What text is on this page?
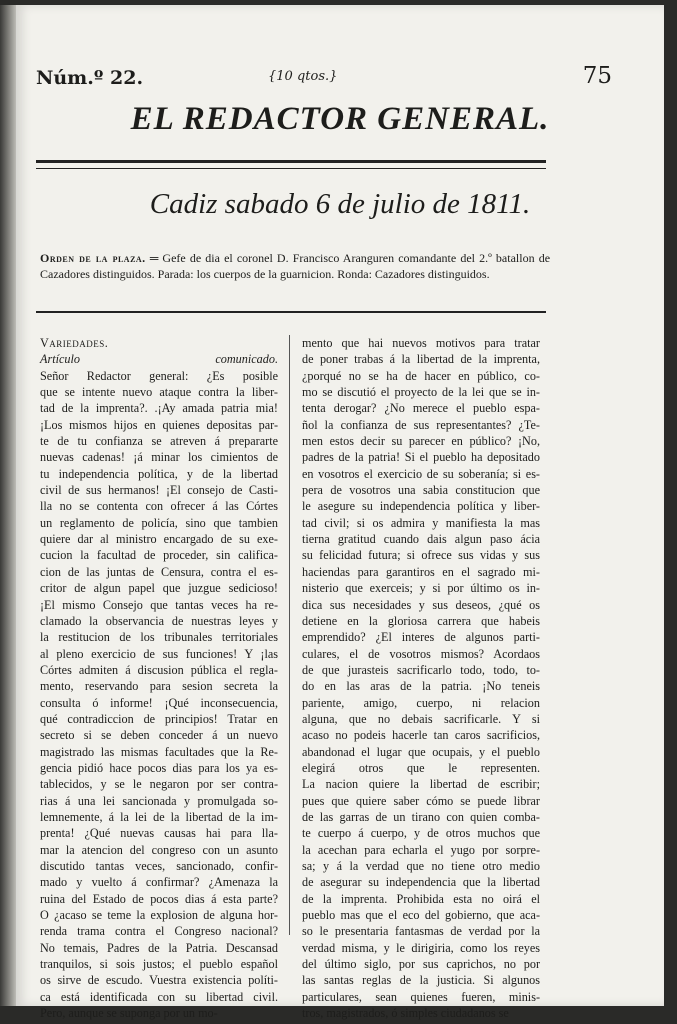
Núm.º 22.	{10 qtos.}	75
EL REDACTOR GENERAL.
Cadiz sabado 6 de julio de 1811.
Orden de la plaza. ═ Gefe de dia el coronel D. Francisco Aranguren comandante del 2.º batallon de Cazadores distinguidos. Parada: los cuerpos de la guarnicion. Ronda: Cazadores distinguidos.
Variedades.
Artículo comunicado.
Señor Redactor general: ¿Es posible
que se intente nuevo ataque contra la liber-
tad de la imprenta?. .¡Ay amada patria mia!
¡Los mismos hijos en quienes depositas par-
te de tu confianza se atreven á prepararte
nuevas cadenas! ¡á minar los cimientos de
tu independencia política, y de la libertad
civil de sus hermanos! ¡El consejo de Casti-
lla no se contenta con ofrecer á las Córtes
un reglamento de policía, sino que tambien
quiere dar al ministro encargado de su exe-
cucion la facultad de proceder, sin califica-
cion de las juntas de Censura, contra el es-
critor de algun papel que juzgue sedicioso!
¡El mismo Consejo que tantas veces ha re-
clamado la observancia de nuestras leyes y
la restitucion de los tribunales territoriales
al pleno exercicio de sus funciones! Y ¡las
Córtes admiten á discusion pública el regla-
mento, reservando para sesion secreta la
consulta ó informe! ¡Qué inconsecuencia,
qué contradiccion de principios! Tratar en
secreto si se deben conceder á un nuevo
magistrado las mismas facultades que la Re-
gencia pidió hace pocos dias para los ya es-
tablecidos, y se le negaron por ser contra-
rias á una lei sancionada y promulgada so-
lemnemente, á la lei de la libertad de la im-
prenta! ¿Qué nuevas causas hai para lla-
mar la atencion del congreso con un asunto
discutido tantas veces, sancionado, confir-
mado y vuelto á confirmar? ¿Amenaza la
ruina del Estado de pocos dias á esta parte?
O ¿acaso se teme la explosion de alguna hor-
renda trama contra el Congreso nacional?
No temais, Padres de la Patria. Descansad
tranquilos, si sois justos; el pueblo español
os sirve de escudo. Vuestra existencia políti-
ca está identificada con su libertad civil.
Pero, aunque se suponga por un mo-
mento que hai nuevos motivos para tratar
de poner trabas á la libertad de la imprenta,
¿porqué no se ha de hacer en público, co-
mo se discutió el proyecto de la lei que se in-
tenta derogar? ¿No merece el pueblo espa-
ñol la confianza de sus representantes? ¿Te-
men estos decir su parecer en público? ¡No,
padres de la patria! Si el pueblo ha depositado
en vosotros el exercicio de su soberanía; si es-
pera de vosotros una sabia constitucion que
le asegure su independencia política y liber-
tad civil; si os admira y manifiesta la mas
tierna gratitud cuando dais algun paso ácia
su felicidad futura; si ofrece sus vidas y sus
haciendas para garantiros en el sagrado mi-
nisterio que exerceis; y si por último os in-
dica sus necesidades y sus deseos, ¿qué os
detiene en la gloriosa carrera que habeis
emprendido? ¿El interes de algunos parti-
culares, el de vosotros mismos? Acordaos
de que jurasteis sacrificarlo todo, todo, to-
do en las aras de la patria. ¡No teneis
pariente, amigo, cuerpo, ni relacion
alguna, que no debais sacrificarle. Y si
acaso no podeis hacerle tan caros sacrificios,
abandonad el lugar que ocupais, y el pueblo
elegirá otros que le representen.
La nacion quiere la libertad de escribir;
pues que quiere saber cómo se puede librar
de las garras de un tirano con quien comba-
te cuerpo á cuerpo, y de otros muchos que
la acechan para echarla el yugo por sorpre-
sa; y á la verdad que no tiene otro medio
de asegurar su independencia que la libertad
de la imprenta. Prohibida esta no oirá el
pueblo mas que el eco del gobierno, que aca-
so le presentaria fantasmas de verdad por la
verdad misma, y le dirigiria, como los reyes
del último siglo, por sus caprichos, no por
las santas reglas de la justicia. Si algunos
particulares, sean quienes fueren, minis-
tros, magistrados, ó simples ciudadanos se
